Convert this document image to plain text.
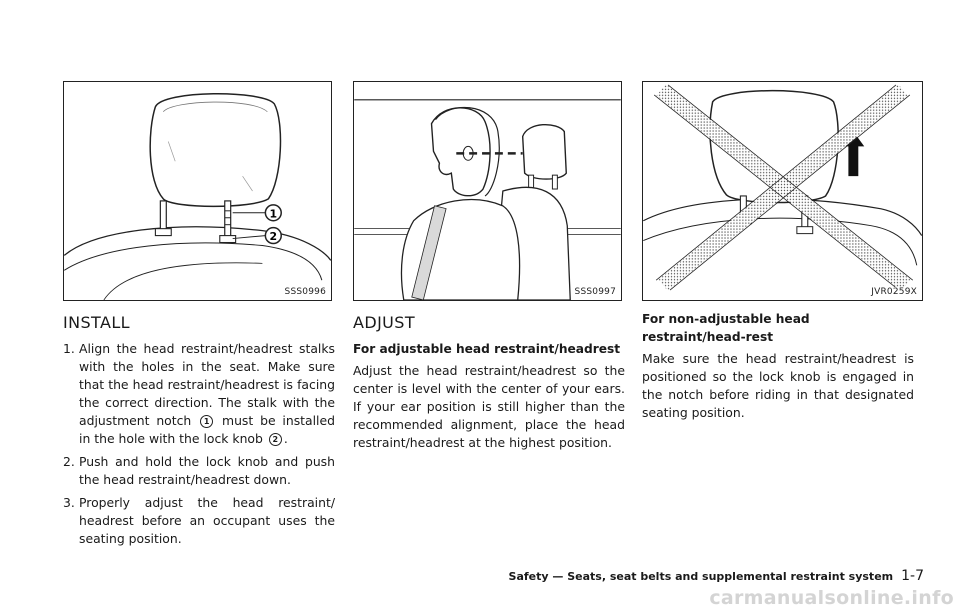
1
2
SSS0996	SSS0997	JVR0259X
INSTALL
1. Align the head restraint/headrest stalks with the holes in the seat. Make sure that the head restraint/headrest is facing the correct direction. The stalk with the adjustment notch 1 must be installed in the hole with the lock knob 2 .
2. Push and hold the lock knob and push the head restraint/headrest down.
3. Properly adjust the head restraint/ headrest before an occupant uses the seating position.
ADJUST

For adjustable head restraint/headrest

Adjust the head restraint/headrest so the center is level with the center of your ears. If your ear position is still higher than the recommended alignment, place the head restraint/headrest at the highest position.

For non-adjustable head restraint/head-rest

Make sure the head restraint/headrest is positioned so the lock knob is engaged in the notch before riding in that designated seating position.

Safety — Seats, seat belts and supplemental restraint system 1-7
carmanualsonline.info
